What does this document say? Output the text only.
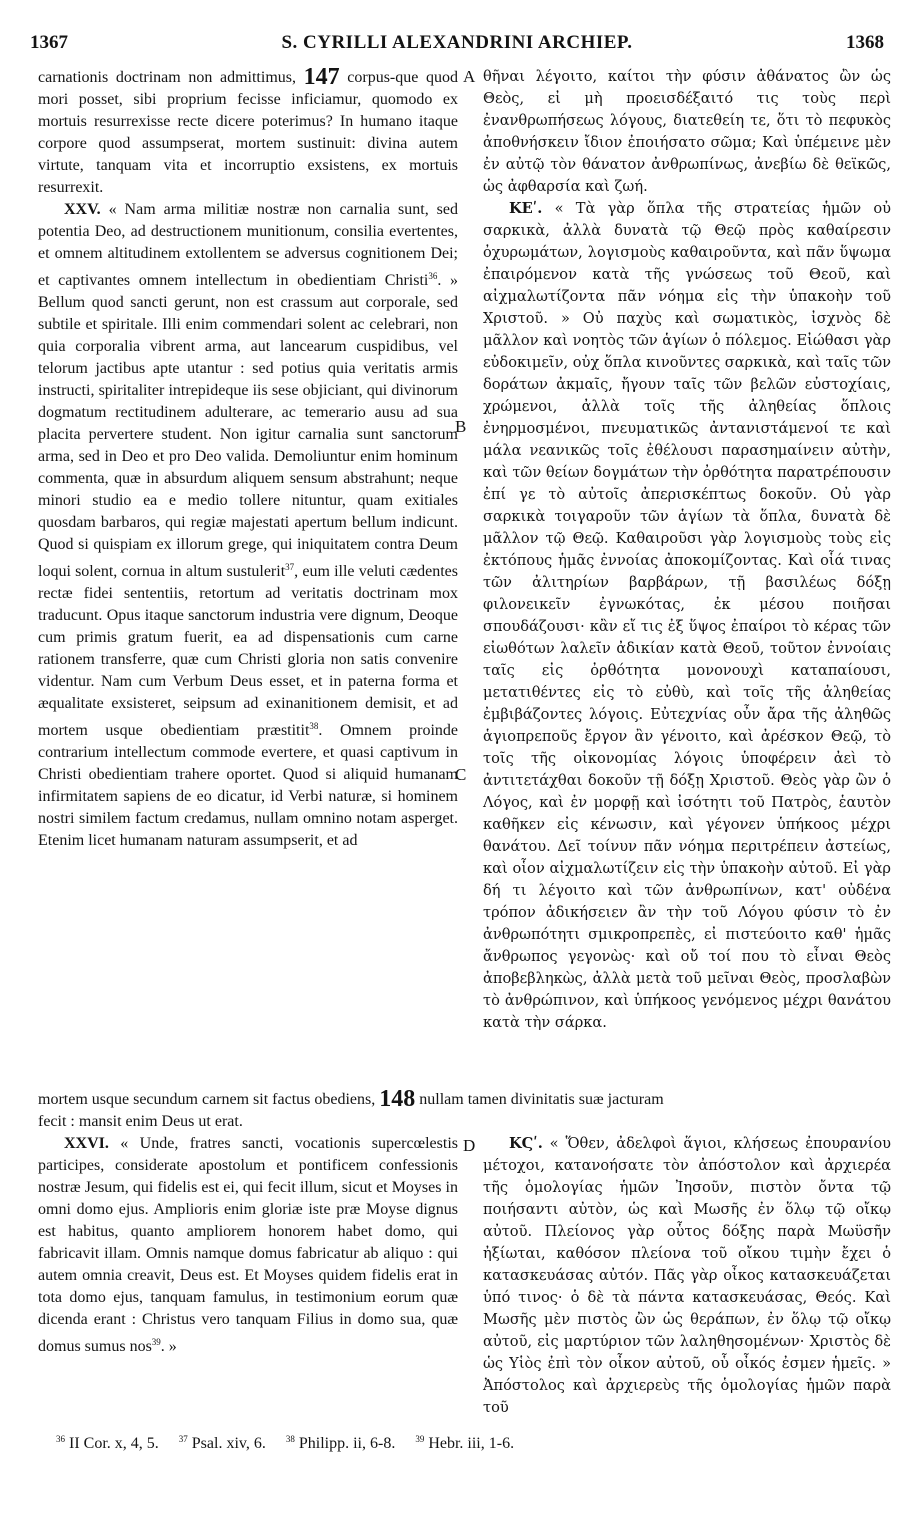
1367	S. CYRILLI ALEXANDRINI ARCHIEP.	1368

carnationis doctrinam non admittimus, 147 corpus-que quod mori posset, sibi proprium fecisse inficiamur, quomodo ex mortuis resurrexisse recte dicere poterimus? In humano itaque corpore quod assumpserat, mortem sustinuit: divina autem virtute, tanquam vita et incorruptio exsistens, ex mortuis resurrexit.

XXV. « Nam arma militiæ nostræ non carnalia sunt, sed potentia Deo, ad destructionem munitionum, consilia evertentes, et omnem altitudinem extollentem se adversus cognitionem Dei; et captivantes omnem intellectum in obedientiam Christi$^{36}$. » Bellum quod sancti gerunt, non est crassum aut corporale, sed subtile et spiritale. Illi enim commendari solent ac celebrari, non quia corporalia vibrent arma, aut lancearum cuspidibus, vel telorum jactibus apte utantur : sed potius quia veritatis armis instructi, spiritaliter intrepideque iis sese objiciant, qui divinorum dogmatum rectitudinem adulterare, ac temerario ausu ad sua placita pervertere student. Non igitur carnalia sunt sanctorum arma, sed in Deo et pro Deo valida. Demoliuntur enim hominum commenta, quæ in absurdum aliquem sensum abstrahunt; neque minori studio ea e medio tollere nituntur, quam exitiales quosdam barbaros, qui regiæ majestati apertum bellum indicunt. Quod si quispiam ex illorum grege, qui iniquitatem contra Deum loqui solent, cornua in altum sustulerit$^{37}$, eum ille veluti cædentes rectæ fidei sententiis, retortum ad veritatis doctrinam mox traducunt. Opus itaque sanctorum industria vere dignum, Deoque cum primis gratum fuerit, ea ad dispensationis cum carne rationem transferre, quæ cum Christi gloria non satis convenire videntur. Nam cum Verbum Deus esset, et in paterna forma et æqualitate exsisteret, seipsum ad exinanitionem demisit, et ad mortem usque obedientiam præstitit$^{38}$. Omnem proinde contrarium intellectum commode evertere, et quasi captivum in Christi obedientiam trahere oportet. Quod si aliquid humanam infirmitatem sapiens de eo dicatur, id Verbi naturæ, si hominem nostri similem factum credamus, nullam omnino notam asperget. Etenim licet humanam naturam assumpserit, et ad

θῆναι λέγοιτο, καίτοι τὴν φύσιν ἀθάνατος ὢν ὡς Θεὸς, εἰ μὴ προεισδέξαιτό τις τοὺς περὶ ἐνανθρωπήσεως λόγους, διατεθείη τε, ὅτι τὸ πεφυκὸς ἀποθνήσκειν ἴδιον ἐποιήσατο σῶμα; Καὶ ὑπέμεινε μὲν ἐν αὐτῷ τὸν θάνατον ἀνθρωπίνως, ἀνεβίω δὲ θεϊκῶς, ὡς ἀφθαρσία καὶ ζωή.

ΚΕʹ. « Τὰ γὰρ ὅπλα τῆς στρατείας ἡμῶν οὐ σαρκικὰ, ἀλλὰ δυνατὰ τῷ Θεῷ πρὸς καθαίρεσιν ὀχυρωμάτων, λογισμοὺς καθαιροῦντα, καὶ πᾶν ὕψωμα ἐπαιρόμενον κατὰ τῆς γνώσεως τοῦ Θεοῦ, καὶ αἰχμαλωτίζοντα πᾶν νόημα εἰς τὴν ὑπακοὴν τοῦ Χριστοῦ. » Οὐ παχὺς καὶ σωματικὸς, ἰσχνὸς δὲ μᾶλλον καὶ νοητὸς τῶν ἁγίων ὁ πόλεμος. Εἰώθασι γὰρ εὐδοκιμεῖν, οὐχ ὅπλα κινοῦντες σαρκικὰ, καὶ ταῖς τῶν δοράτων ἀκμαῖς, ἤγουν ταῖς τῶν βελῶν εὐστοχίαις, χρώμενοι, ἀλλὰ τοῖς τῆς ἀληθείας ὅπλοις ἐνηρμοσμένοι, πνευματικῶς ἀντανιστάμενοί τε καὶ μάλα νεανικῶς τοῖς ἐθέλουσι παρασημαίνειν αὐτὴν, καὶ τῶν θείων δογμάτων τὴν ὀρθότητα παρατρέπουσιν ἐπί γε τὸ αὐτοῖς ἀπερισκέπτως δοκοῦν. Οὐ γὰρ σαρκικὰ τοιγαροῦν τῶν ἁγίων τὰ ὅπλα, δυνατὰ δὲ μᾶλλον τῷ Θεῷ. Καθαιροῦσι γὰρ λογισμοὺς τοὺς εἰς ἐκτόπους ἡμᾶς ἐννοίας ἀποκομίζοντας. Καὶ οἷά τινας τῶν ἀλιτηρίων βαρβάρων, τῇ βασιλέως δόξῃ φιλονεικεῖν ἐγνωκότας, ἐκ μέσου ποιῆσαι σπουδάζουσι· κἂν εἴ τις ἐξ ὕψος ἐπαίροι τὸ κέρας τῶν εἰωθότων λαλεῖν ἀδικίαν κατὰ Θεοῦ, τοῦτον ἐννοίαις ταῖς εἰς ὀρθότητα μονονουχὶ καταπαίουσι, μετατιθέντες εἰς τὸ εὐθὺ, καὶ τοῖς τῆς ἀληθείας ἐμβιβάζοντες λόγοις. Εὐτεχνίας οὖν ἄρα τῆς ἀληθῶς ἁγιοπρεποῦς ἔργον ἂν γένοιτο, καὶ ἀρέσκον Θεῷ, τὸ τοῖς τῆς οἰκονομίας λόγοις ὑποφέρειν ἀεὶ τὸ ἀντιτετάχθαι δοκοῦν τῇ δόξῃ Χριστοῦ. Θεὸς γὰρ ὢν ὁ Λόγος, καὶ ἐν μορφῇ καὶ ἰσότητι τοῦ Πατρὸς, ἑαυτὸν καθῆκεν εἰς κένωσιν, καὶ γέγονεν ὑπήκοος μέχρι θανάτου. Δεῖ τοίνυν πᾶν νόημα περιτρέπειν ἀστείως, καὶ οἷον αἰχμαλωτίζειν εἰς τὴν ὑπακοὴν αὐτοῦ. Εἰ γὰρ δή τι λέγοιτο καὶ τῶν ἀνθρωπίνων, κατ' οὐδένα τρόπον ἀδικήσειεν ἂν τὴν τοῦ Λόγου φύσιν τὸ ἐν ἀνθρωπότητι σμικροπρεπὲς, εἰ πιστεύοιτο καθ' ἡμᾶς ἄνθρωπος γεγονὼς· καὶ οὔ τοί που τὸ εἶναι Θεὸς ἀποβεβληκὼς, ἀλλὰ μετὰ τοῦ μεῖναι Θεὸς, προσλαβὼν τὸ ἀνθρώπινον, καὶ ὑπήκοος γενόμενος μέχρι θανάτου κατὰ τὴν σάρκα.

mortem usque secundum carnem sit factus obediens, 148 nullam tamen divinitatis suæ jacturam
fecit : mansit enim Deus ut erat.

XXVI. « Unde, fratres sancti, vocationis supercœlestis participes, considerate apostolum et pontificem confessionis nostræ Jesum, qui fidelis est ei, qui fecit illum, sicut et Moyses in omni domo ejus. Amplioris enim gloriæ iste præ Moyse dignus est habitus, quanto ampliorem honorem habet domo, qui fabricavit illam. Omnis namque domus fabricatur ab aliquo : qui autem omnia creavit, Deus est. Et Moyses quidem fidelis erat in tota domo ejus, tanquam famulus, in testimonium eorum quæ dicenda erant : Christus vero tanquam Filius in domo sua, quæ domus sumus nos$^{39}$. »

ΚϚʹ. « Ὅθεν, ἀδελφοὶ ἅγιοι, κλήσεως ἐπουρανίου μέτοχοι, κατανοήσατε τὸν ἀπόστολον καὶ ἀρχιερέα τῆς ὁμολογίας ἡμῶν Ἰησοῦν, πιστὸν ὄντα τῷ ποιήσαντι αὐτὸν, ὡς καὶ Μωσῆς ἐν ὅλῳ τῷ οἴκῳ αὐτοῦ. Πλείονος γὰρ οὗτος δόξης παρὰ Μωϋσῆν ἠξίωται, καθόσον πλείονα τοῦ οἴκου τιμὴν ἔχει ὁ κατασκευάσας αὐτόν. Πᾶς γὰρ οἶκος κατασκευάζεται ὑπό τινος· ὁ δὲ τὰ πάντα κατασκευάσας, Θεός. Καὶ Μωσῆς μὲν πιστὸς ὢν ὡς θεράπων, ἐν ὅλῳ τῷ οἴκῳ αὐτοῦ, εἰς μαρτύριον τῶν λαληθησομένων· Χριστὸς δὲ ὡς Υἱὸς ἐπὶ τὸν οἶκον αὐτοῦ, οὗ οἶκός ἐσμεν ἡμεῖς. » Ἀπόστολος καὶ ἀρχιερεὺς τῆς ὁμολογίας ἡμῶν παρὰ τοῦ

A
B
C
D
$^{36}$ II Cor. x, 4, 5. $^{37}$ Psal. xiv, 6. $^{38}$ Philipp. ii, 6-8. $^{39}$ Hebr. iii, 1-6.
